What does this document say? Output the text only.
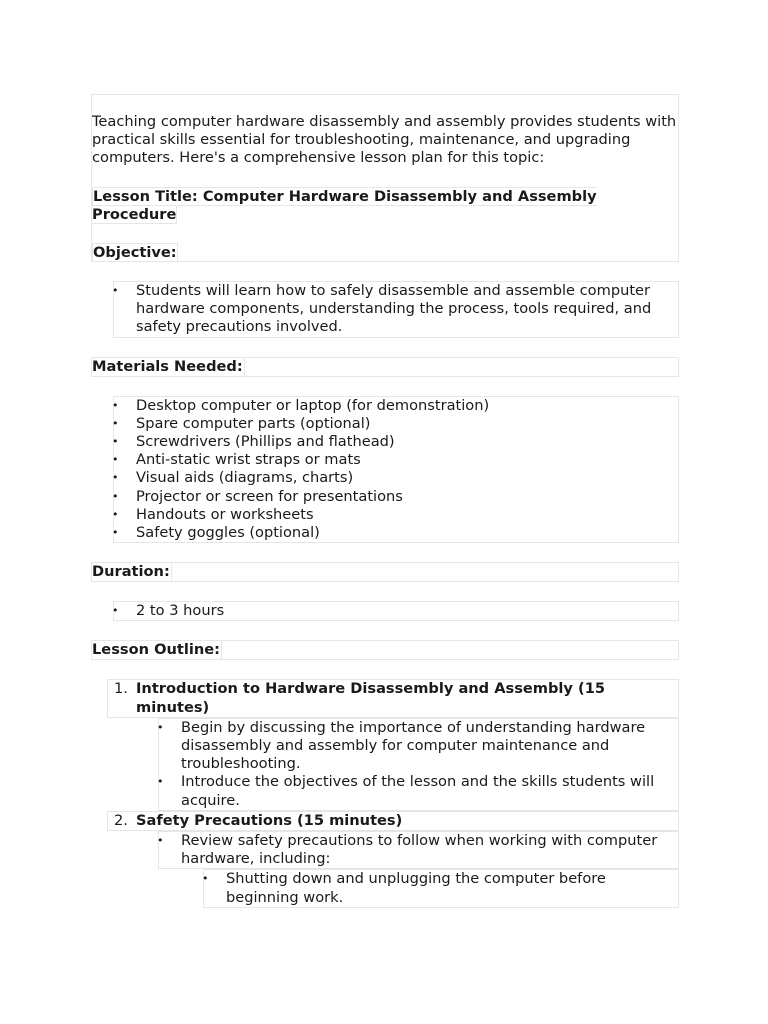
Teaching computer hardware disassembly and assembly provides students with practical skills essential for troubleshooting, maintenance, and upgrading computers. Here's a comprehensive lesson plan for this topic:

Lesson Title: Computer Hardware Disassembly and Assembly Procedure
Objective:
• Students will learn how to safely disassemble and assemble computer hardware components, understanding the process, tools required, and safety precautions involved.
Materials Needed:
• Desktop computer or laptop (for demonstration)
• Spare computer parts (optional)
• Screwdrivers (Phillips and flathead)
• Anti-static wrist straps or mats
• Visual aids (diagrams, charts)
• Projector or screen for presentations
• Handouts or worksheets
• Safety goggles (optional)
Duration:
• 2 to 3 hours
Lesson Outline:
1. Introduction to Hardware Disassembly and Assembly (15 minutes)
• Begin by discussing the importance of understanding hardware disassembly and assembly for computer maintenance and troubleshooting.
• Introduce the objectives of the lesson and the skills students will acquire.
2. Safety Precautions (15 minutes)
• Review safety precautions to follow when working with computer hardware, including:
• Shutting down and unplugging the computer before beginning work.
